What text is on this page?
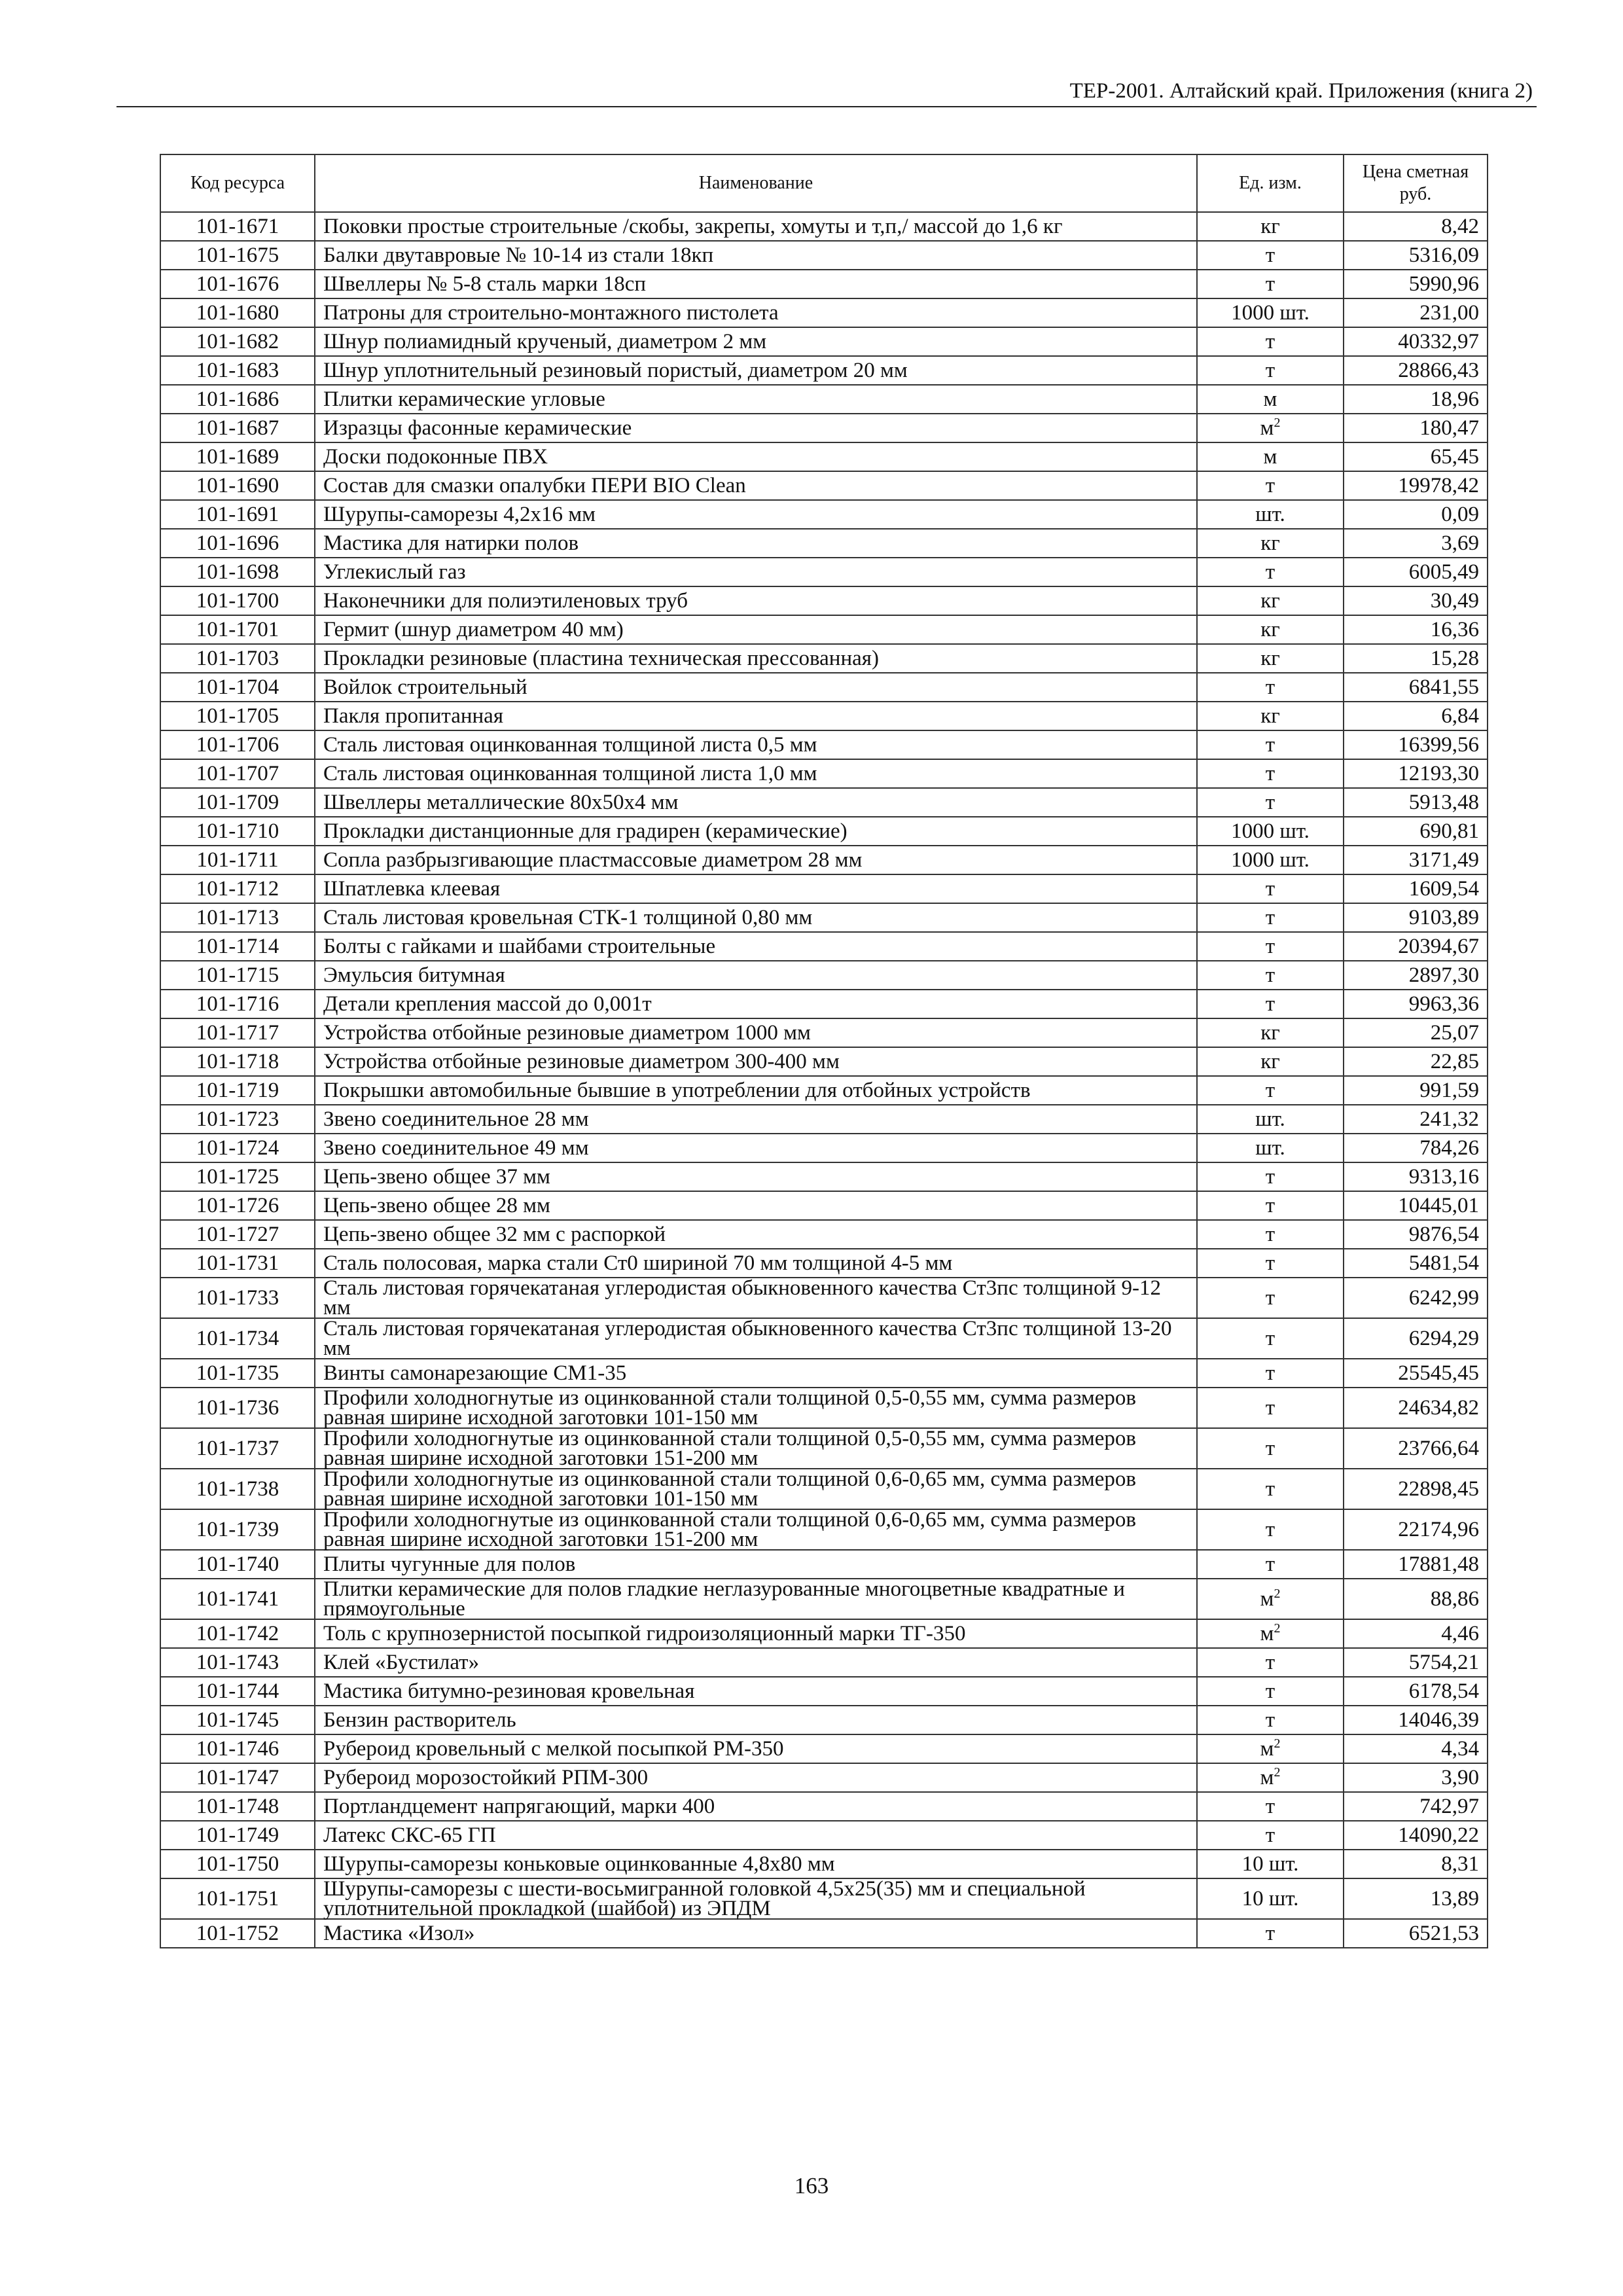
ТЕР-2001. Алтайский край. Приложения (книга 2)
Код ресурса	Наименование	Ед. изм.	Цена сметная руб.
101-1671	Поковки простые строительные /скобы, закрепы, хомуты и т,п,/ массой до 1,6 кг	кг	8,42
101-1675	Балки двутавровые № 10-14 из стали 18кп	т	5316,09
101-1676	Швеллеры № 5-8 сталь марки 18сп	т	5990,96
101-1680	Патроны для строительно-монтажного пистолета	1000 шт.	231,00
101-1682	Шнур полиамидный крученый, диаметром 2 мм	т	40332,97
101-1683	Шнур уплотнительный резиновый пористый, диаметром 20 мм	т	28866,43
101-1686	Плитки керамические угловые	м	18,96
101-1687	Изразцы фасонные керамические	$м^2$	180,47
101-1689	Доски подоконные ПВХ	м	65,45
101-1690	Состав для смазки опалубки ПЕРИ BIO Clean	т	19978,42
101-1691	Шурупы-саморезы 4,2х16 мм	шт.	0,09
101-1696	Мастика для натирки полов	кг	3,69
101-1698	Углекислый газ	т	6005,49
101-1700	Наконечники для полиэтиленовых труб	кг	30,49
101-1701	Гермит (шнур диаметром 40 мм)	кг	16,36
101-1703	Прокладки резиновые (пластина техническая прессованная)	кг	15,28
101-1704	Войлок строительный	т	6841,55
101-1705	Пакля пропитанная	кг	6,84
101-1706	Сталь листовая оцинкованная толщиной листа 0,5 мм	т	16399,56
101-1707	Сталь листовая оцинкованная толщиной листа 1,0 мм	т	12193,30
101-1709	Швеллеры металлические 80х50х4 мм	т	5913,48
101-1710	Прокладки дистанционные для градирен (керамические)	1000 шт.	690,81
101-1711	Сопла разбрызгивающие пластмассовые диаметром 28 мм	1000 шт.	3171,49
101-1712	Шпатлевка клеевая	т	1609,54
101-1713	Сталь листовая кровельная СТК-1 толщиной 0,80 мм	т	9103,89
101-1714	Болты с гайками и шайбами строительные	т	20394,67
101-1715	Эмульсия битумная	т	2897,30
101-1716	Детали крепления массой до 0,001т	т	9963,36
101-1717	Устройства отбойные резиновые диаметром 1000 мм	кг	25,07
101-1718	Устройства отбойные резиновые диаметром 300-400 мм	кг	22,85
101-1719	Покрышки автомобильные бывшие в употреблении для отбойных устройств	т	991,59
101-1723	Звено соединительное 28 мм	шт.	241,32
101-1724	Звено соединительное 49 мм	шт.	784,26
101-1725	Цепь-звено общее 37 мм	т	9313,16
101-1726	Цепь-звено общее 28 мм	т	10445,01
101-1727	Цепь-звено общее 32 мм с распоркой	т	9876,54
101-1731	Сталь полосовая, марка стали Ст0 шириной 70 мм толщиной 4-5 мм	т	5481,54
101-1733	Сталь листовая горячекатаная углеродистая обыкновенного качества Ст3пс толщиной 9-12 мм	т	6242,99
101-1734	Сталь листовая горячекатаная углеродистая обыкновенного качества Ст3пс толщиной 13-20 мм	т	6294,29
101-1735	Винты самонарезающие СМ1-35	т	25545,45
101-1736	Профили холодногнутые из оцинкованной стали толщиной 0,5-0,55 мм, сумма размеров равная ширине исходной заготовки 101-150 мм	т	24634,82
101-1737	Профили холодногнутые из оцинкованной стали толщиной 0,5-0,55 мм, сумма размеров равная ширине исходной заготовки 151-200 мм	т	23766,64
101-1738	Профили холодногнутые из оцинкованной стали толщиной 0,6-0,65 мм, сумма размеров равная ширине исходной заготовки 101-150 мм	т	22898,45
101-1739	Профили холодногнутые из оцинкованной стали толщиной 0,6-0,65 мм, сумма размеров равная ширине исходной заготовки 151-200 мм	т	22174,96
101-1740	Плиты чугунные для полов	т	17881,48
101-1741	Плитки керамические для полов гладкие неглазурованные многоцветные квадратные и прямоугольные	$м^2$	88,86
101-1742	Толь с крупнозернистой посыпкой гидроизоляционный марки ТГ-350	$м^2$	4,46
101-1743	Клей «Бустилат»	т	5754,21
101-1744	Мастика битумно-резиновая кровельная	т	6178,54
101-1745	Бензин растворитель	т	14046,39
101-1746	Рубероид кровельный с мелкой посыпкой РМ-350	$м^2$	4,34
101-1747	Рубероид морозостойкий РПМ-300	$м^2$	3,90
101-1748	Портландцемент напрягающий, марки 400	т	742,97
101-1749	Латекс СКС-65 ГП	т	14090,22
101-1750	Шурупы-саморезы коньковые оцинкованные 4,8х80 мм	10 шт.	8,31
101-1751	Шурупы-саморезы с шести-восьмигранной головкой 4,5х25(35) мм и специальной уплотнительной прокладкой (шайбой) из ЭПДМ	10 шт.	13,89
101-1752	Мастика «Изол»	т	6521,53
163
